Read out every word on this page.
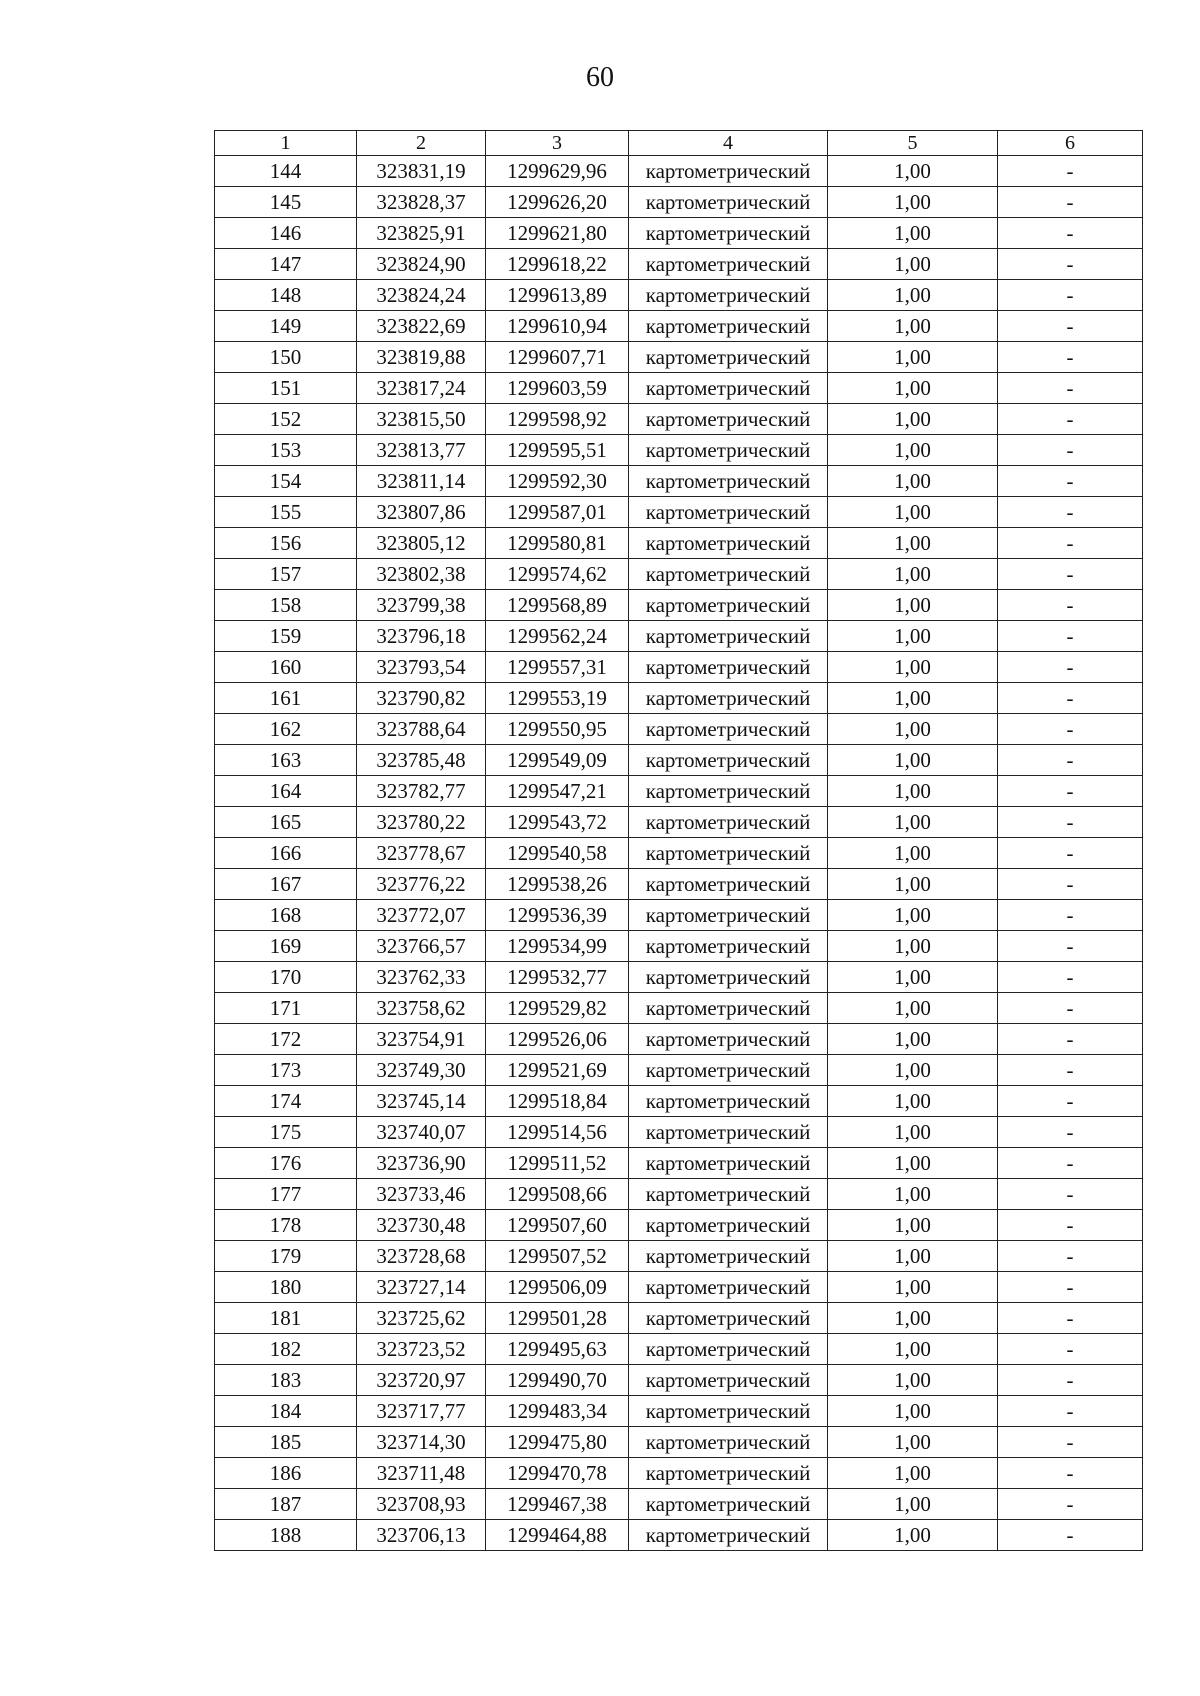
60
1	2	3	4	5	6
144	323831,19	1299629,96	картометрический	1,00	-
145	323828,37	1299626,20	картометрический	1,00	-
146	323825,91	1299621,80	картометрический	1,00	-
147	323824,90	1299618,22	картометрический	1,00	-
148	323824,24	1299613,89	картометрический	1,00	-
149	323822,69	1299610,94	картометрический	1,00	-
150	323819,88	1299607,71	картометрический	1,00	-
151	323817,24	1299603,59	картометрический	1,00	-
152	323815,50	1299598,92	картометрический	1,00	-
153	323813,77	1299595,51	картометрический	1,00	-
154	323811,14	1299592,30	картометрический	1,00	-
155	323807,86	1299587,01	картометрический	1,00	-
156	323805,12	1299580,81	картометрический	1,00	-
157	323802,38	1299574,62	картометрический	1,00	-
158	323799,38	1299568,89	картометрический	1,00	-
159	323796,18	1299562,24	картометрический	1,00	-
160	323793,54	1299557,31	картометрический	1,00	-
161	323790,82	1299553,19	картометрический	1,00	-
162	323788,64	1299550,95	картометрический	1,00	-
163	323785,48	1299549,09	картометрический	1,00	-
164	323782,77	1299547,21	картометрический	1,00	-
165	323780,22	1299543,72	картометрический	1,00	-
166	323778,67	1299540,58	картометрический	1,00	-
167	323776,22	1299538,26	картометрический	1,00	-
168	323772,07	1299536,39	картометрический	1,00	-
169	323766,57	1299534,99	картометрический	1,00	-
170	323762,33	1299532,77	картометрический	1,00	-
171	323758,62	1299529,82	картометрический	1,00	-
172	323754,91	1299526,06	картометрический	1,00	-
173	323749,30	1299521,69	картометрический	1,00	-
174	323745,14	1299518,84	картометрический	1,00	-
175	323740,07	1299514,56	картометрический	1,00	-
176	323736,90	1299511,52	картометрический	1,00	-
177	323733,46	1299508,66	картометрический	1,00	-
178	323730,48	1299507,60	картометрический	1,00	-
179	323728,68	1299507,52	картометрический	1,00	-
180	323727,14	1299506,09	картометрический	1,00	-
181	323725,62	1299501,28	картометрический	1,00	-
182	323723,52	1299495,63	картометрический	1,00	-
183	323720,97	1299490,70	картометрический	1,00	-
184	323717,77	1299483,34	картометрический	1,00	-
185	323714,30	1299475,80	картометрический	1,00	-
186	323711,48	1299470,78	картометрический	1,00	-
187	323708,93	1299467,38	картометрический	1,00	-
188	323706,13	1299464,88	картометрический	1,00	-
